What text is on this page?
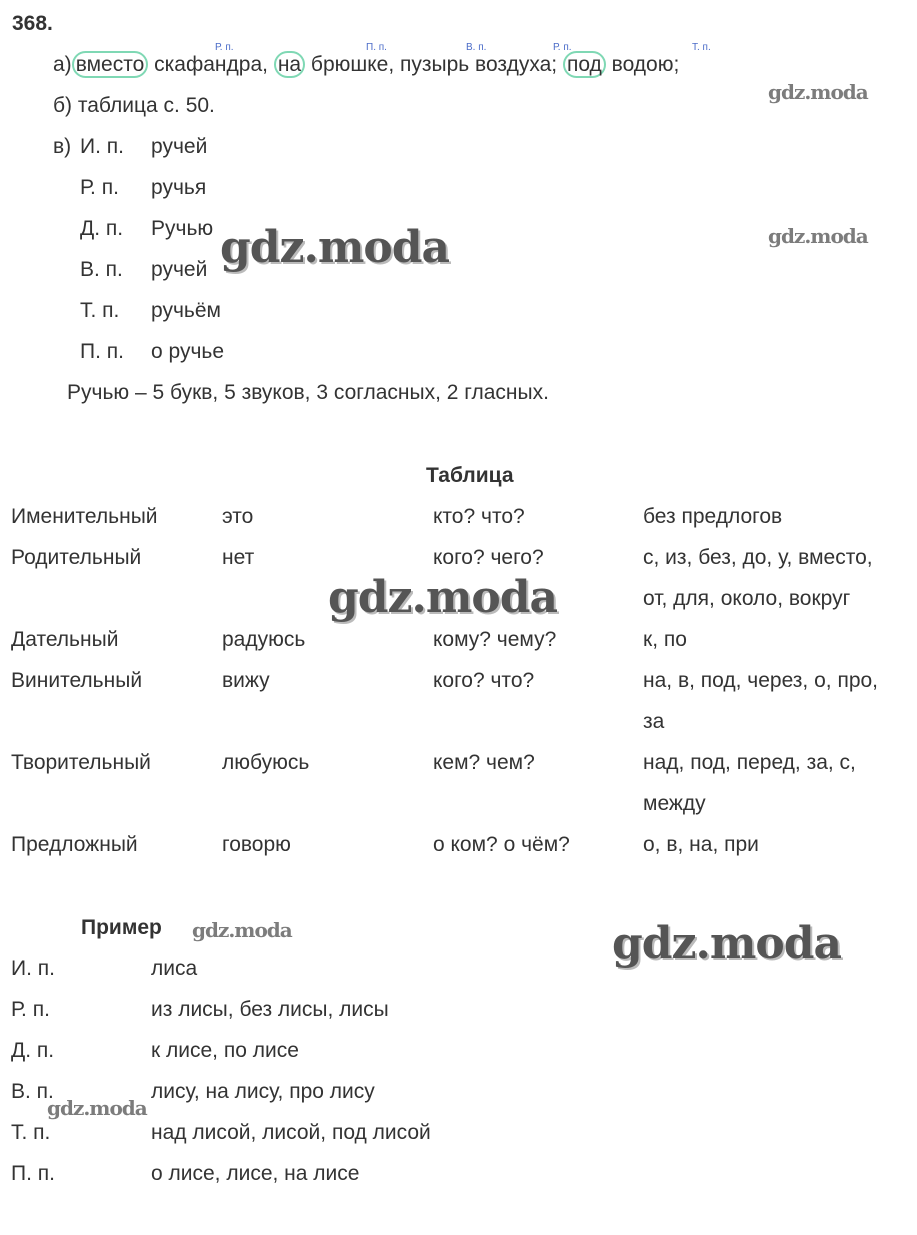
368.
Р. п.	П. п.	В. п.	Р. п.	Т. п.
а) вместо скафандра, на брюшке, пузырь воздуха; под водою;
б) таблица с. 50.
в) И. п. ручей
Р. п. ручья
Д. п. Ручью
В. п. ручей
Т. п. ручьём
П. п. о ручье
Ручью – 5 букв, 5 звуков, 3 согласных, 2 гласных.
Таблица
Именительный	это	кто? что?	без предлогов
Родительный	нет	кого? чего?	с, из, без, до, у, вместо,
от, для, около, вокруг
Дательный	радуюсь	кому? чему?	к, по
Винительный	вижу	кого? что?	на, в, под, через, о, про,
за
Творительный	любуюсь	кем? чем?	над, под, перед, за, с,
между
Предложный	говорю	о ком? о чём?	о, в, на, при
Пример
И. п.	лиса
Р. п.	из лисы, без лисы, лисы
Д. п.	к лисе, по лисе
В. п.	лису, на лису, про лису
Т. п.	над лисой, лисой, под лисой
П. п.	о лисе, лисе, на лисе
gdz.moda
gdz.moda
gdz.moda
gdz.moda
gdz.moda	gdz.moda
gdz.moda
